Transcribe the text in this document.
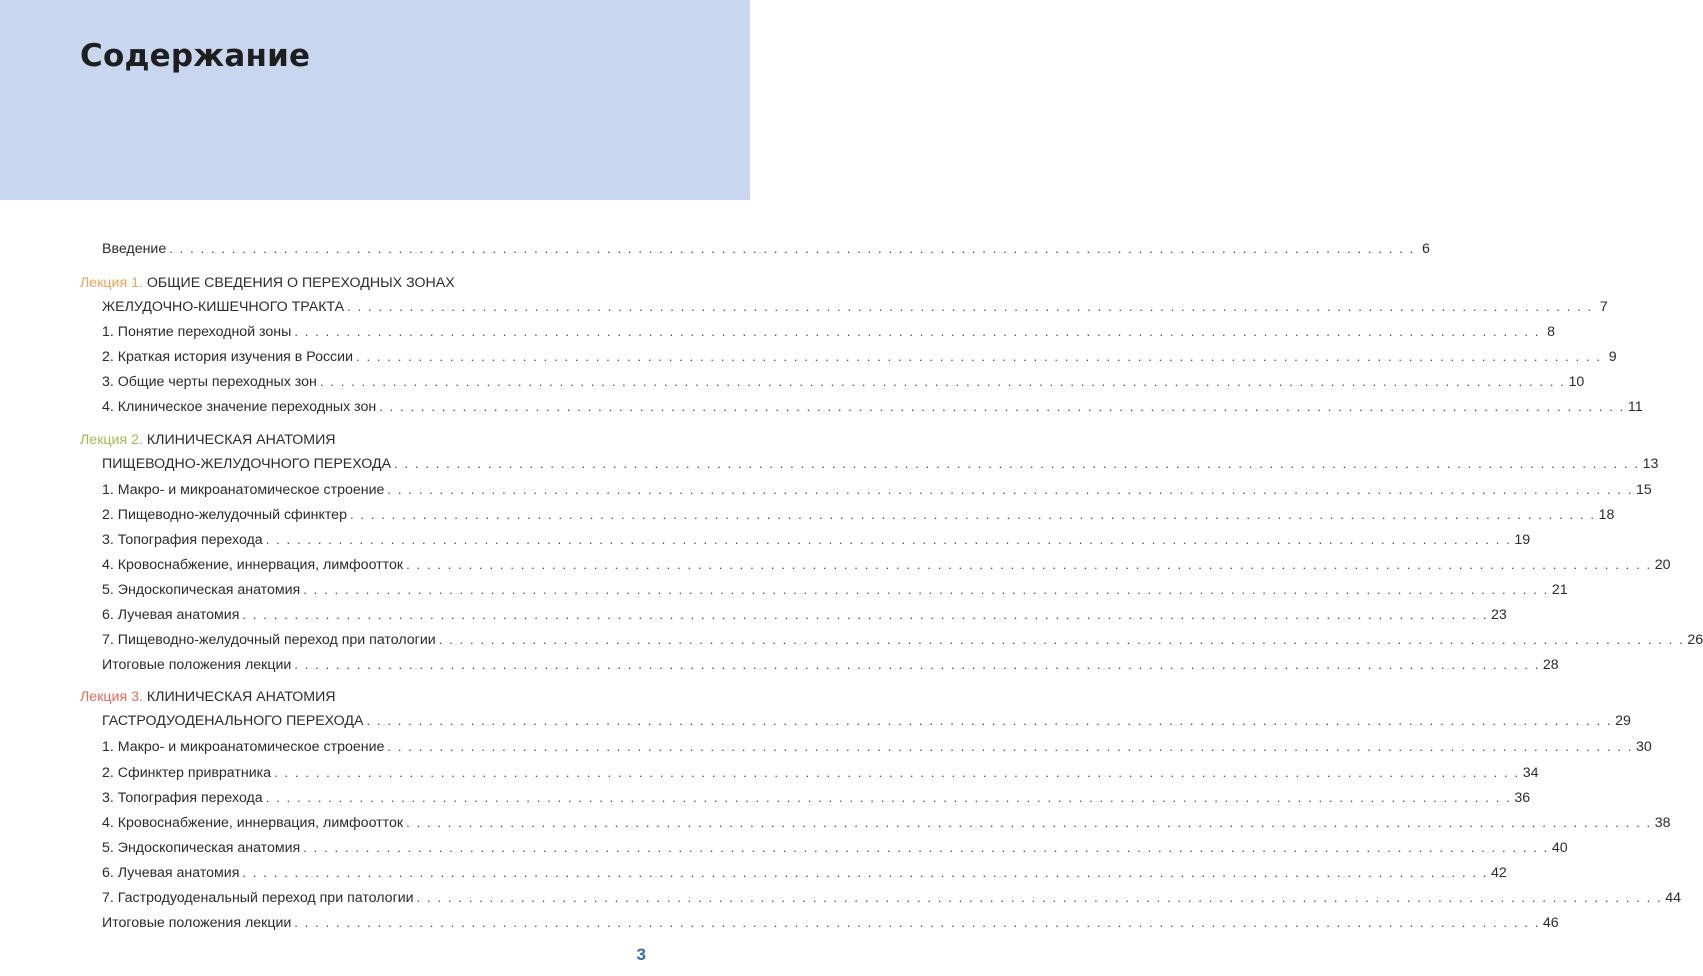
Содержание
Введение . . . . . . . . . . . . . . . . . . . . . . . . . . . . . . . . . . . . . . . . . . . . . . . . . . . . . . . . . . . . . . . . . . . . . . . . . . . . . . . . . . . . . . . . . . . . . . . . . . . . . . . . . . . . . . . . . . . . . . . . 6
Лекция 1. ОБЩИЕ СВЕДЕНИЯ О ПЕРЕХОДНЫХ ЗОНАХ
ЖЕЛУДОЧНО-КИШЕЧНОГО ТРАКТА . . . . . . . . . . . . . . . . . . . . . . . . . . . . . . . . . . . . . . . . . . . . . . . . . . . . . . . . . . . . . . . . . . . . . . . . . . . . . . . . . . . . . . . . . . . . . . . . . . . . . . . . . . . . . . . . . . . . . . . . 7
1. Понятие переходной зоны . . . . . . . . . . . . . . . . . . . . . . . . . . . . . . . . . . . . . . . . . . . . . . . . . . . . . . . . . . . . . . . . . . . . . . . . . . . . . . . . . . . . . . . . . . . . . . . . . . . . . . . . . . . . . . . . . . . . . . . . 8
2. Краткая история изучения в России . . . . . . . . . . . . . . . . . . . . . . . . . . . . . . . . . . . . . . . . . . . . . . . . . . . . . . . . . . . . . . . . . . . . . . . . . . . . . . . . . . . . . . . . . . . . . . . . . . . . . . . . . . . . . . . . . . . . . . . . 9
3. Общие черты переходных зон . . . . . . . . . . . . . . . . . . . . . . . . . . . . . . . . . . . . . . . . . . . . . . . . . . . . . . . . . . . . . . . . . . . . . . . . . . . . . . . . . . . . . . . . . . . . . . . . . . . . . . . . . . . . . . . . . . . . . . . . 10
4. Клиническое значение переходных зон . . . . . . . . . . . . . . . . . . . . . . . . . . . . . . . . . . . . . . . . . . . . . . . . . . . . . . . . . . . . . . . . . . . . . . . . . . . . . . . . . . . . . . . . . . . . . . . . . . . . . . . . . . . . . . . . . . . . . . . . 11
Лекция 2. КЛИНИЧЕСКАЯ АНАТОМИЯ
ПИЩЕВОДНО-ЖЕЛУДОЧНОГО ПЕРЕХОДА . . . . . . . . . . . . . . . . . . . . . . . . . . . . . . . . . . . . . . . . . . . . . . . . . . . . . . . . . . . . . . . . . . . . . . . . . . . . . . . . . . . . . . . . . . . . . . . . . . . . . . . . . . . . . . . . . . . . . . . . 13
1. Макро- и микроанатомическое строение . . . . . . . . . . . . . . . . . . . . . . . . . . . . . . . . . . . . . . . . . . . . . . . . . . . . . . . . . . . . . . . . . . . . . . . . . . . . . . . . . . . . . . . . . . . . . . . . . . . . . . . . . . . . . . . . . . . . . . . . 15
2. Пищеводно-желудочный сфинктер . . . . . . . . . . . . . . . . . . . . . . . . . . . . . . . . . . . . . . . . . . . . . . . . . . . . . . . . . . . . . . . . . . . . . . . . . . . . . . . . . . . . . . . . . . . . . . . . . . . . . . . . . . . . . . . . . . . . . . . . 18
3. Топография перехода . . . . . . . . . . . . . . . . . . . . . . . . . . . . . . . . . . . . . . . . . . . . . . . . . . . . . . . . . . . . . . . . . . . . . . . . . . . . . . . . . . . . . . . . . . . . . . . . . . . . . . . . . . . . . . . . . . . . . . . . 19
4. Кровоснабжение, иннервация, лимфоотток . . . . . . . . . . . . . . . . . . . . . . . . . . . . . . . . . . . . . . . . . . . . . . . . . . . . . . . . . . . . . . . . . . . . . . . . . . . . . . . . . . . . . . . . . . . . . . . . . . . . . . . . . . . . . . . . . . . . . . . . 20
5. Эндоскопическая анатомия . . . . . . . . . . . . . . . . . . . . . . . . . . . . . . . . . . . . . . . . . . . . . . . . . . . . . . . . . . . . . . . . . . . . . . . . . . . . . . . . . . . . . . . . . . . . . . . . . . . . . . . . . . . . . . . . . . . . . . . . 21
6. Лучевая анатомия . . . . . . . . . . . . . . . . . . . . . . . . . . . . . . . . . . . . . . . . . . . . . . . . . . . . . . . . . . . . . . . . . . . . . . . . . . . . . . . . . . . . . . . . . . . . . . . . . . . . . . . . . . . . . . . . . . . . . . . . 23
7. Пищеводно-желудочный переход при патологии . . . . . . . . . . . . . . . . . . . . . . . . . . . . . . . . . . . . . . . . . . . . . . . . . . . . . . . . . . . . . . . . . . . . . . . . . . . . . . . . . . . . . . . . . . . . . . . . . . . . . . . . . . . . . . . . . . . . . . . . 26
Итоговые положения лекции . . . . . . . . . . . . . . . . . . . . . . . . . . . . . . . . . . . . . . . . . . . . . . . . . . . . . . . . . . . . . . . . . . . . . . . . . . . . . . . . . . . . . . . . . . . . . . . . . . . . . . . . . . . . . . . . . . . . . . . . 28
Лекция 3. КЛИНИЧЕСКАЯ АНАТОМИЯ
ГАСТРОДУОДЕНАЛЬНОГО ПЕРЕХОДА . . . . . . . . . . . . . . . . . . . . . . . . . . . . . . . . . . . . . . . . . . . . . . . . . . . . . . . . . . . . . . . . . . . . . . . . . . . . . . . . . . . . . . . . . . . . . . . . . . . . . . . . . . . . . . . . . . . . . . . . 29
1. Макро- и микроанатомическое строение . . . . . . . . . . . . . . . . . . . . . . . . . . . . . . . . . . . . . . . . . . . . . . . . . . . . . . . . . . . . . . . . . . . . . . . . . . . . . . . . . . . . . . . . . . . . . . . . . . . . . . . . . . . . . . . . . . . . . . . . 30
2. Сфинктер привратника . . . . . . . . . . . . . . . . . . . . . . . . . . . . . . . . . . . . . . . . . . . . . . . . . . . . . . . . . . . . . . . . . . . . . . . . . . . . . . . . . . . . . . . . . . . . . . . . . . . . . . . . . . . . . . . . . . . . . . . . 34
3. Топография перехода . . . . . . . . . . . . . . . . . . . . . . . . . . . . . . . . . . . . . . . . . . . . . . . . . . . . . . . . . . . . . . . . . . . . . . . . . . . . . . . . . . . . . . . . . . . . . . . . . . . . . . . . . . . . . . . . . . . . . . . . 36
4. Кровоснабжение, иннервация, лимфоотток . . . . . . . . . . . . . . . . . . . . . . . . . . . . . . . . . . . . . . . . . . . . . . . . . . . . . . . . . . . . . . . . . . . . . . . . . . . . . . . . . . . . . . . . . . . . . . . . . . . . . . . . . . . . . . . . . . . . . . . . 38
5. Эндоскопическая анатомия . . . . . . . . . . . . . . . . . . . . . . . . . . . . . . . . . . . . . . . . . . . . . . . . . . . . . . . . . . . . . . . . . . . . . . . . . . . . . . . . . . . . . . . . . . . . . . . . . . . . . . . . . . . . . . . . . . . . . . . . 40
6. Лучевая анатомия . . . . . . . . . . . . . . . . . . . . . . . . . . . . . . . . . . . . . . . . . . . . . . . . . . . . . . . . . . . . . . . . . . . . . . . . . . . . . . . . . . . . . . . . . . . . . . . . . . . . . . . . . . . . . . . . . . . . . . . . 42
7. Гастродуоденальный переход при патологии . . . . . . . . . . . . . . . . . . . . . . . . . . . . . . . . . . . . . . . . . . . . . . . . . . . . . . . . . . . . . . . . . . . . . . . . . . . . . . . . . . . . . . . . . . . . . . . . . . . . . . . . . . . . . . . . . . . . . . . . 44
Итоговые положения лекции . . . . . . . . . . . . . . . . . . . . . . . . . . . . . . . . . . . . . . . . . . . . . . . . . . . . . . . . . . . . . . . . . . . . . . . . . . . . . . . . . . . . . . . . . . . . . . . . . . . . . . . . . . . . . . . . . . . . . . . . 46
3
